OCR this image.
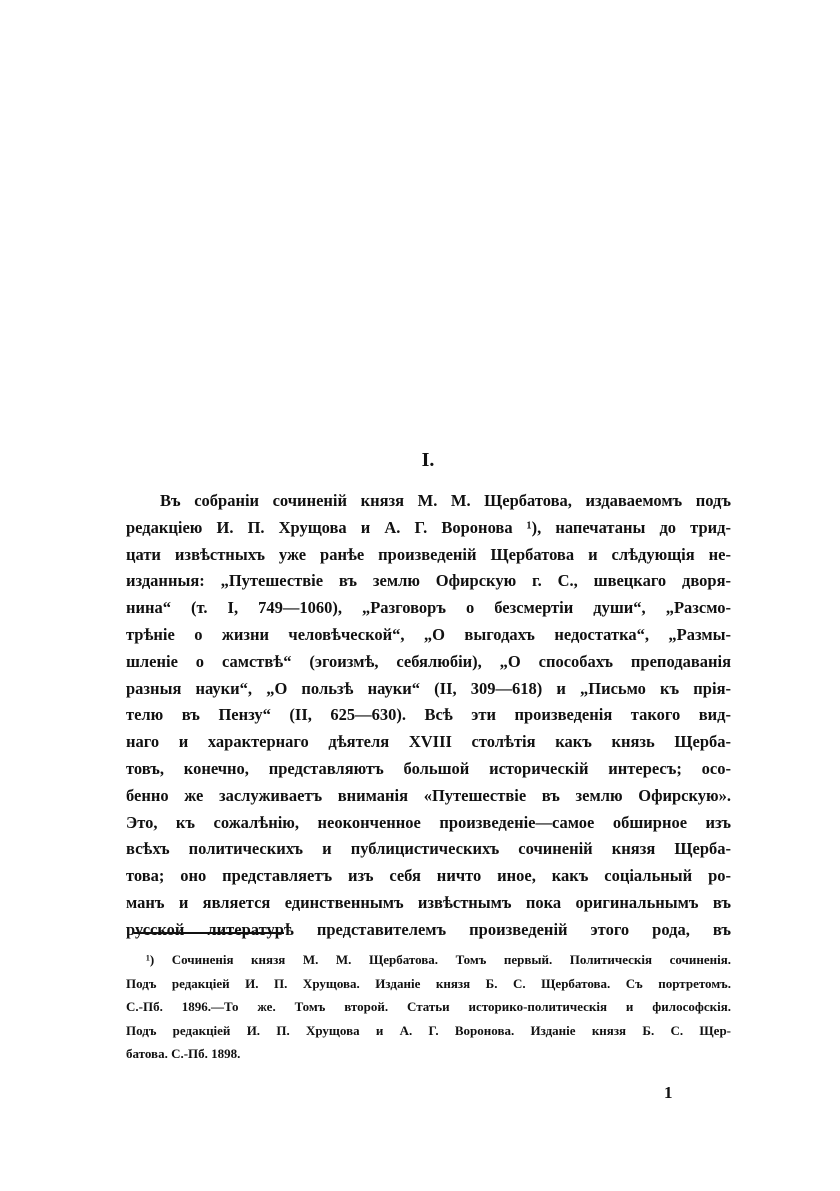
I.
Въ собранiи сочиненiй князя М. М. Щербатова, издаваемомъ подъ
редакцiею И. П. Хрущова и А. Г. Воронова ¹), напечатаны до трид-
цати извѣстныхъ уже ранѣе произведенiй Щербатова и слѣдующiя не-
изданныя: „Путешествiе въ землю Офирскую г. С., швецкаго дворя-
нина“ (т. I, 749—1060), „Разговоръ о безсмертiи души“, „Разсмо-
трѣнiе о жизни человѣческой“, „О выгодахъ недостатка“, „Размы-
шленiе о самствѣ“ (эгоизмѣ, себялюбiи), „О способахъ преподаванiя
разныя науки“, „О пользѣ науки“ (II, 309—618) и „Письмо къ прiя-
телю въ Пензу“ (II, 625—630). Всѣ эти произведенiя такого вид-
наго и характернаго дѣятеля XVIII столѣтiя какъ князь Щерба-
товъ, конечно, представляютъ большой историческiй интересъ; осо-
бенно же заслуживаетъ вниманiя «Путешествiе въ землю Офирскую».
Это, къ сожалѣнiю, неоконченное произведенiе—самое обширное изъ
всѣхъ политическихъ и публицистическихъ сочиненiй князя Щерба-
това; оно представляетъ изъ себя ничто иное, какъ соцiальный ро-
манъ и является единственнымъ извѣстнымъ пока оригинальнымъ въ
русской литературѣ представителемъ произведенiй этого рода, въ
¹) Сочиненiя князя М. М. Щербатова. Томъ первый. Политическiя сочиненiя.
Подъ редакцiей И. П. Хрущова. Изданiе князя Б. С. Щербатова. Съ портретомъ.
С.-Пб. 1896.—То же. Томъ второй. Статьи историко-политическiя и философскiя.
Подъ редакцiей И. П. Хрущова и А. Г. Воронова. Изданiе князя Б. С. Щер-
батова. С.-Пб. 1898.
1
